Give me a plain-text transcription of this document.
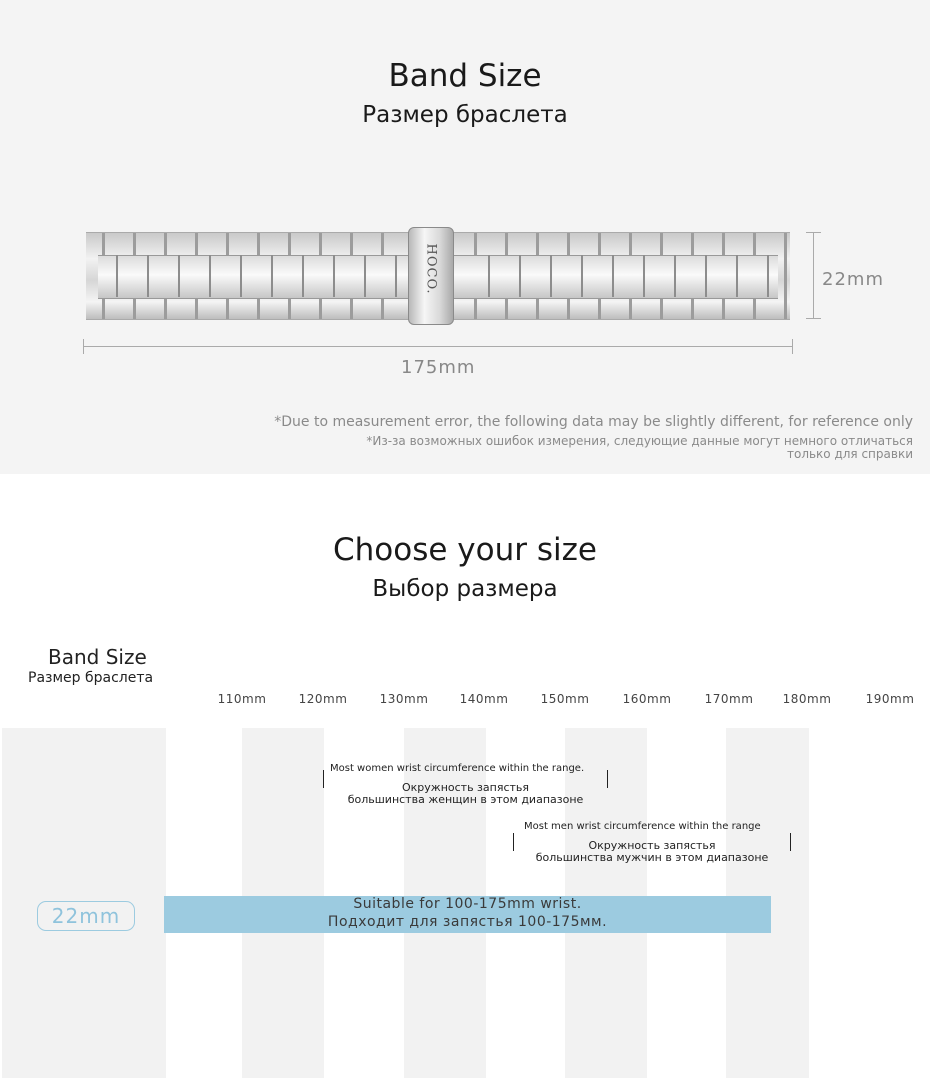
Band Size
Размер браслета
HOCO.	22mm
175mm
*Due to measurement error, the following data may be slightly different, for reference only
*Из-за возможных ошибок измерения, следующие данные могут немного отличаться
только для справки
Choose your size
Выбор размера
Band Size
Размер браслета
110mm	120mm	130mm	140mm	150mm	160mm	170mm	180mm	190mm
Most women wrist circumference within the range.
Окружность запястья
большинства женщин в этом диапазоне
Most men wrist circumference within the range
Окружность запястья
большинства мужчин в этом диапазоне
22mm	Suitable for 100-175mm wrist.
Подходит для запястья 100-175мм.
